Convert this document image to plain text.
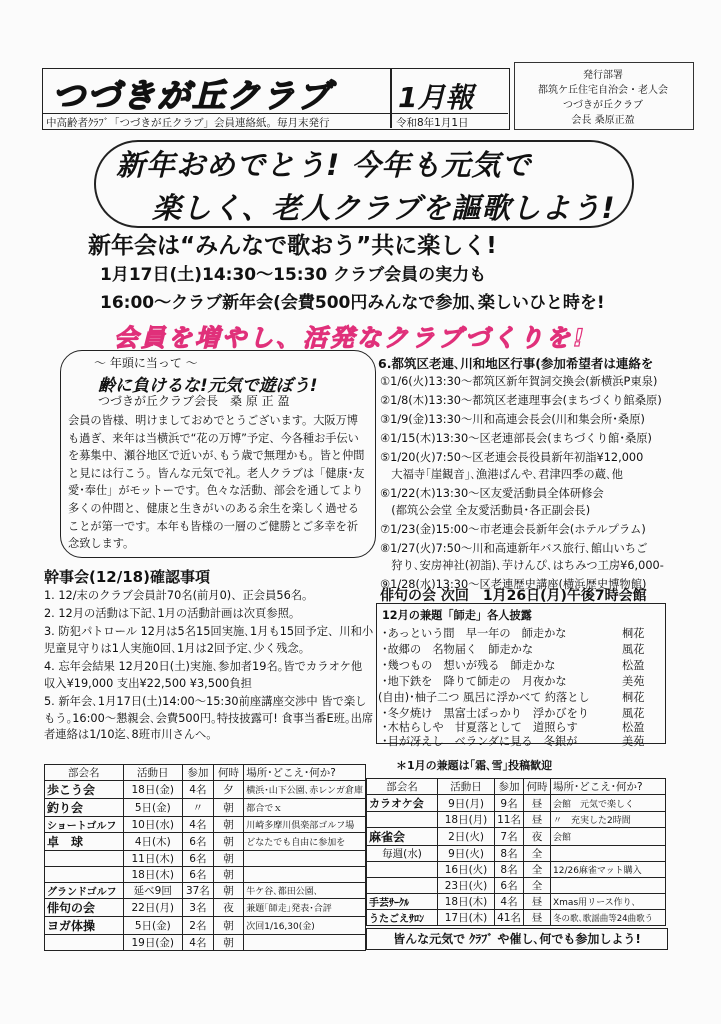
つづきが丘クラブ 1月報
中高齢者ｸﾗﾌﾞ「つづきが丘クラブ」会員連絡紙。毎月末発行	令和8年1月1日
発行部署
都筑ケ丘住宅自治会・老人会
つづきが丘クラブ
会長 桑原正盈
新年おめでとう! 今年も元気で
楽しく、老人クラブを謳歌しよう!
新年会は“みんなで歌おう”共に楽しく!
1月17日(土)14:30～15:30 クラブ会員の実力も
16:00～クラブ新年会(会費500円みんなで参加､楽しいひと時を!
会員を増やし、活発なクラブづくりを!
～ 年頭に当って ～
齢に負けるな!元気で遊ぼう!
つづきが丘クラブ会長　桑 原 正 盈
会員の皆様、明けましておめでとうございます。大阪万博も過ぎ、来年は当横浜で“花の万博”予定、今各種お手伝いを募集中、瀬谷地区で近いが､もう歳で無理かも。皆と仲間と見には行こう。皆んな元気で礼。老人クラブは「健康･友愛･奉仕」がモットーです。色々な活動、部会を通してより多くの仲間と、健康と生きがいのある余生を楽しく過せることが第一です。本年も皆様の一層のご健勝とご多幸を祈念致します。
6.都筑区老連､川和地区行事(参加希望者は連絡を
①1/6(火)13:30～都筑区新年賀詞交換会(新横浜P東泉)
②1/8(木)13:30～都筑区老連理事会(まちづくり館桑原)
③1/9(金)13:30～川和高連会長会(川和集会所･桑原)
④1/15(木)13:30～区老連部長会(まちづくり館･桑原)
⑤1/20(火)7:50～区老連会長役員新年初詣¥12,000
　大福寺｢崖観音｣､漁港ばんや､君津四季の蔵､他
⑥1/22(木)13:30～区友愛活動員全体研修会
　(都筑公会堂 全友愛活動員･各正副会長)
⑦1/23(金)15:00～市老連会長新年会(ホテルプラム)
⑧1/27(火)7:50～川和高連新年バス旅行､館山いちご
　狩り､安房神社(初詣)､芋けんぴ､はちみつ工房¥6,000-
⑨1/28(水)13:30～区老連歴史講座(横浜歴史博物館)
幹事会(12/18)確認事項
1. 12/末のクラブ会員計70名(前月0)、正会員56名。
2. 12月の活動は下記､1月の活動計画は次頁参照。
3. 防犯パトロール 12月は5名15回実施､1月も15回予定、川和小児童見守りは1人実施0回､1月は2回予定､少く残念。
4. 忘年会結果 12月20日(土)実施､参加者19名｡皆でカラオケ他 収入¥19,000 支出¥22,500 ¥3,500負担
5. 新年会､1月17日(土)14:00～15:30前座講座交渉中 皆で楽しもう｡16:00～懇親会､会費500円｡特技披露可! 食事当番E班｡出席者連絡は1/10迄､8班市川さんへ。
俳句の会 次回　1月26日(月)午後7時会館
12月の兼題「師走」各人披露
･あっという間　早一年の　師走かな	桐花
･故郷の　名物届く　師走かな	風花
･幾つもの　想いが残る　師走かな	松盈
･地下鉄を　降りて師走の　月夜かな	美苑
(自由)･柚子二つ 風呂に浮かべて 約落とし	桐花
･冬夕焼け　黒富士ぽっかり　浮かびをり	風花
･木枯らしや　甘夏落として　道照らす	松盈
･目が冴えし　ベランダに見る　冬銀が	美苑
＊1月の兼題は｢霜､雪｣投稿歓迎
部会名	活動日	参加	何時	場所･どこえ･何か?
歩こう会	18日(金)	4名	夕	横浜･山下公園､赤レンガ倉庫
釣り会	5日(金)	〃	朝	都合でｘ
ショートゴルフ	10日(水)	4名	朝	川崎多摩川倶楽部ゴルフ場
卓　球	4日(木)	6名	朝	どなたでも自由に参加を
	11日(木)	6名	朝	
	18日(木)	6名	朝	
グランドゴルフ	延べ9回	37名	朝	牛ケ谷､都田公園､
俳句の会	22日(月)	3名	夜	兼題｢師走｣発表･合評
ヨガ体操	5日(金)	2名	朝	次回1/16,30(金)
	19日(金)	4名	朝	
部会名	活動日	参加	何時	場所･どこえ･何か?
カラオケ会	9日(月)	9名	昼	会館　元気で楽しく
	18日(月)	11名	昼	〃　充実した2時間
麻雀会	2日(火)	7名	夜	会館
毎週(水)	9日(火)	8名	全	
	16日(火)	8名	全	12/26麻雀マット購入
	23日(火)	6名	全	
手芸ｻｰｸﾙ	18日(木)	4名	昼	Xmas用リース作り､
うたごえｻﾛﾝ	17日(木)	41名	昼	冬の歌､歌謡曲等24曲歌う
皆んな元気で ｸﾗﾌﾞ や催し､何でも参加しよう!
